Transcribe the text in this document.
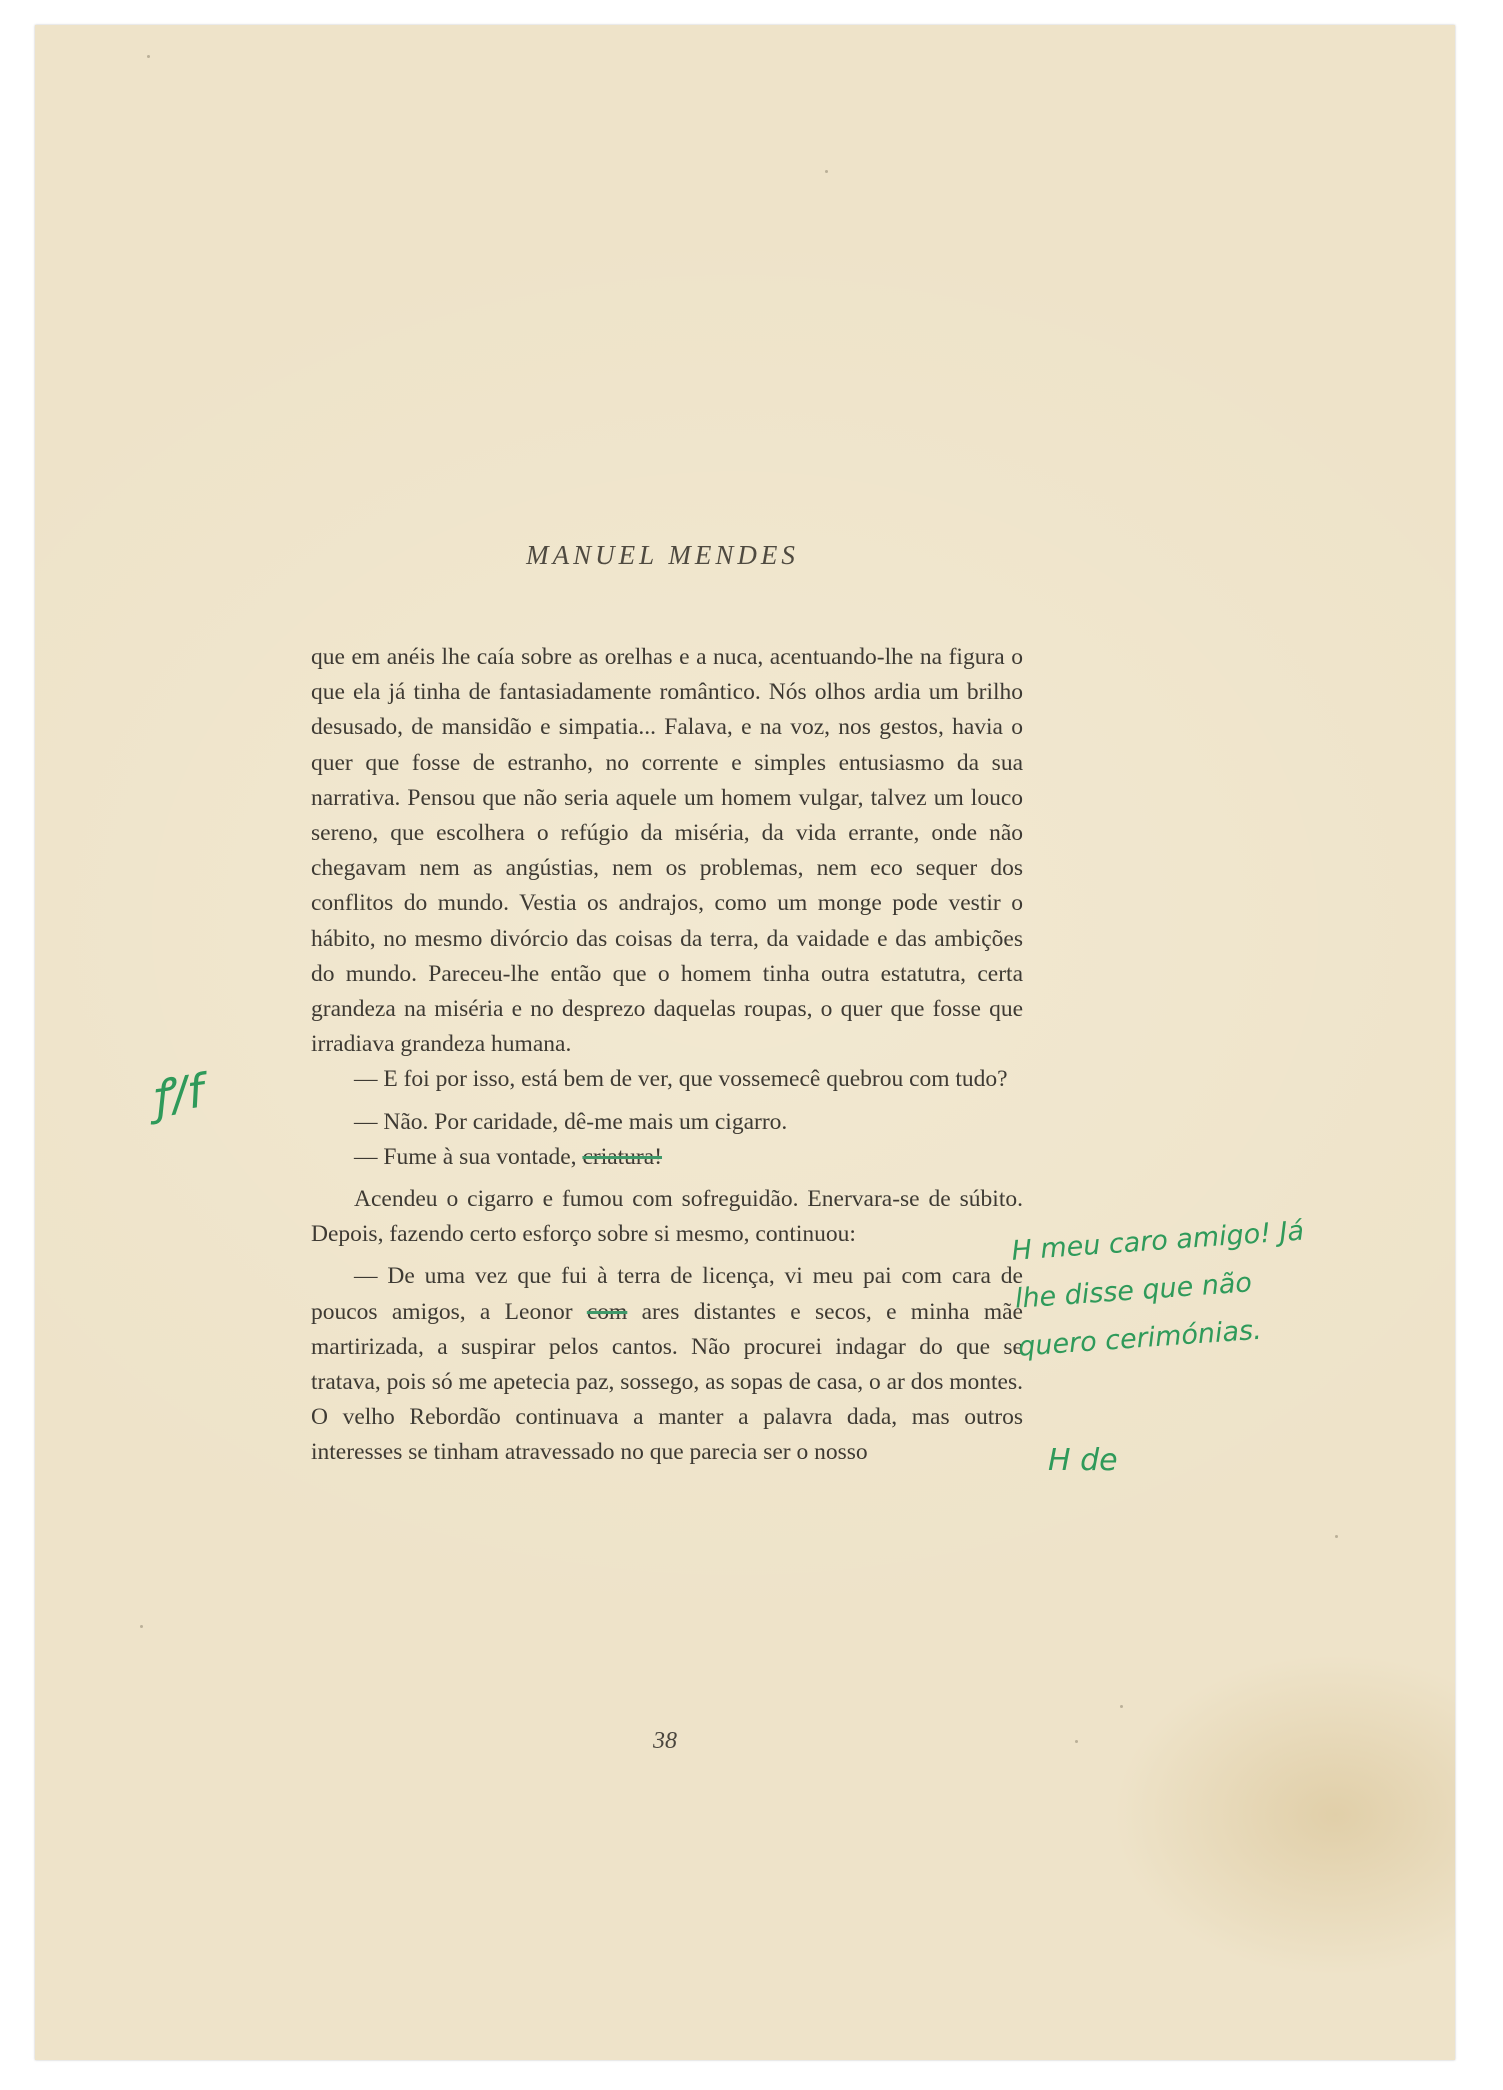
MANUEL MENDES

que em anéis lhe caía sobre as orelhas e a nuca, acentuando-lhe na figura o que ela já tinha de fantasiadamente romântico. Nós olhos ardia um brilho desusado, de mansidão e simpatia... Falava, e na voz, nos gestos, havia o quer que fosse de estranho, no corrente e simples entusiasmo da sua narrativa. Pensou que não seria aquele um homem vulgar, talvez um louco sereno, que escolhera o refúgio da miséria, da vida errante, onde não chegavam nem as angústias, nem os problemas, nem eco sequer dos conflitos do mundo. Vestia os andrajos, como um monge pode vestir o hábito, no mesmo divórcio das coisas da terra, da vaidade e das ambições do mundo. Pareceu-lhe então que o homem tinha outra estatutra, certa grandeza na miséria e no desprezo daquelas roupas, o quer que fosse que irradiava grandeza humana.

— E foi por isso, está bem de ver, que vossemecê quebrou com tudo?

— Não. Por caridade, dê-me mais um cigarro.

— Fume à sua vontade, criatura!

Acendeu o cigarro e fumou com sofreguidão. Enervara-se de súbito. Depois, fazendo certo esforço sobre si mesmo, continuou:

— De uma vez que fui à terra de licença, vi meu pai com cara de poucos amigos, a Leonor com ares distantes e secos, e minha mãe martirizada, a suspirar pelos cantos. Não procurei indagar do que se tratava, pois só me apetecia paz, sossego, as sopas de casa, o ar dos montes. O velho Rebordão continuava a manter a palavra dada, mas outros interesses se tinham atravessado no que parecia ser o nosso

38
ꝭ/f
H meu caro amigo! Já
lhe disse que não
quero cerimónias.
H de
